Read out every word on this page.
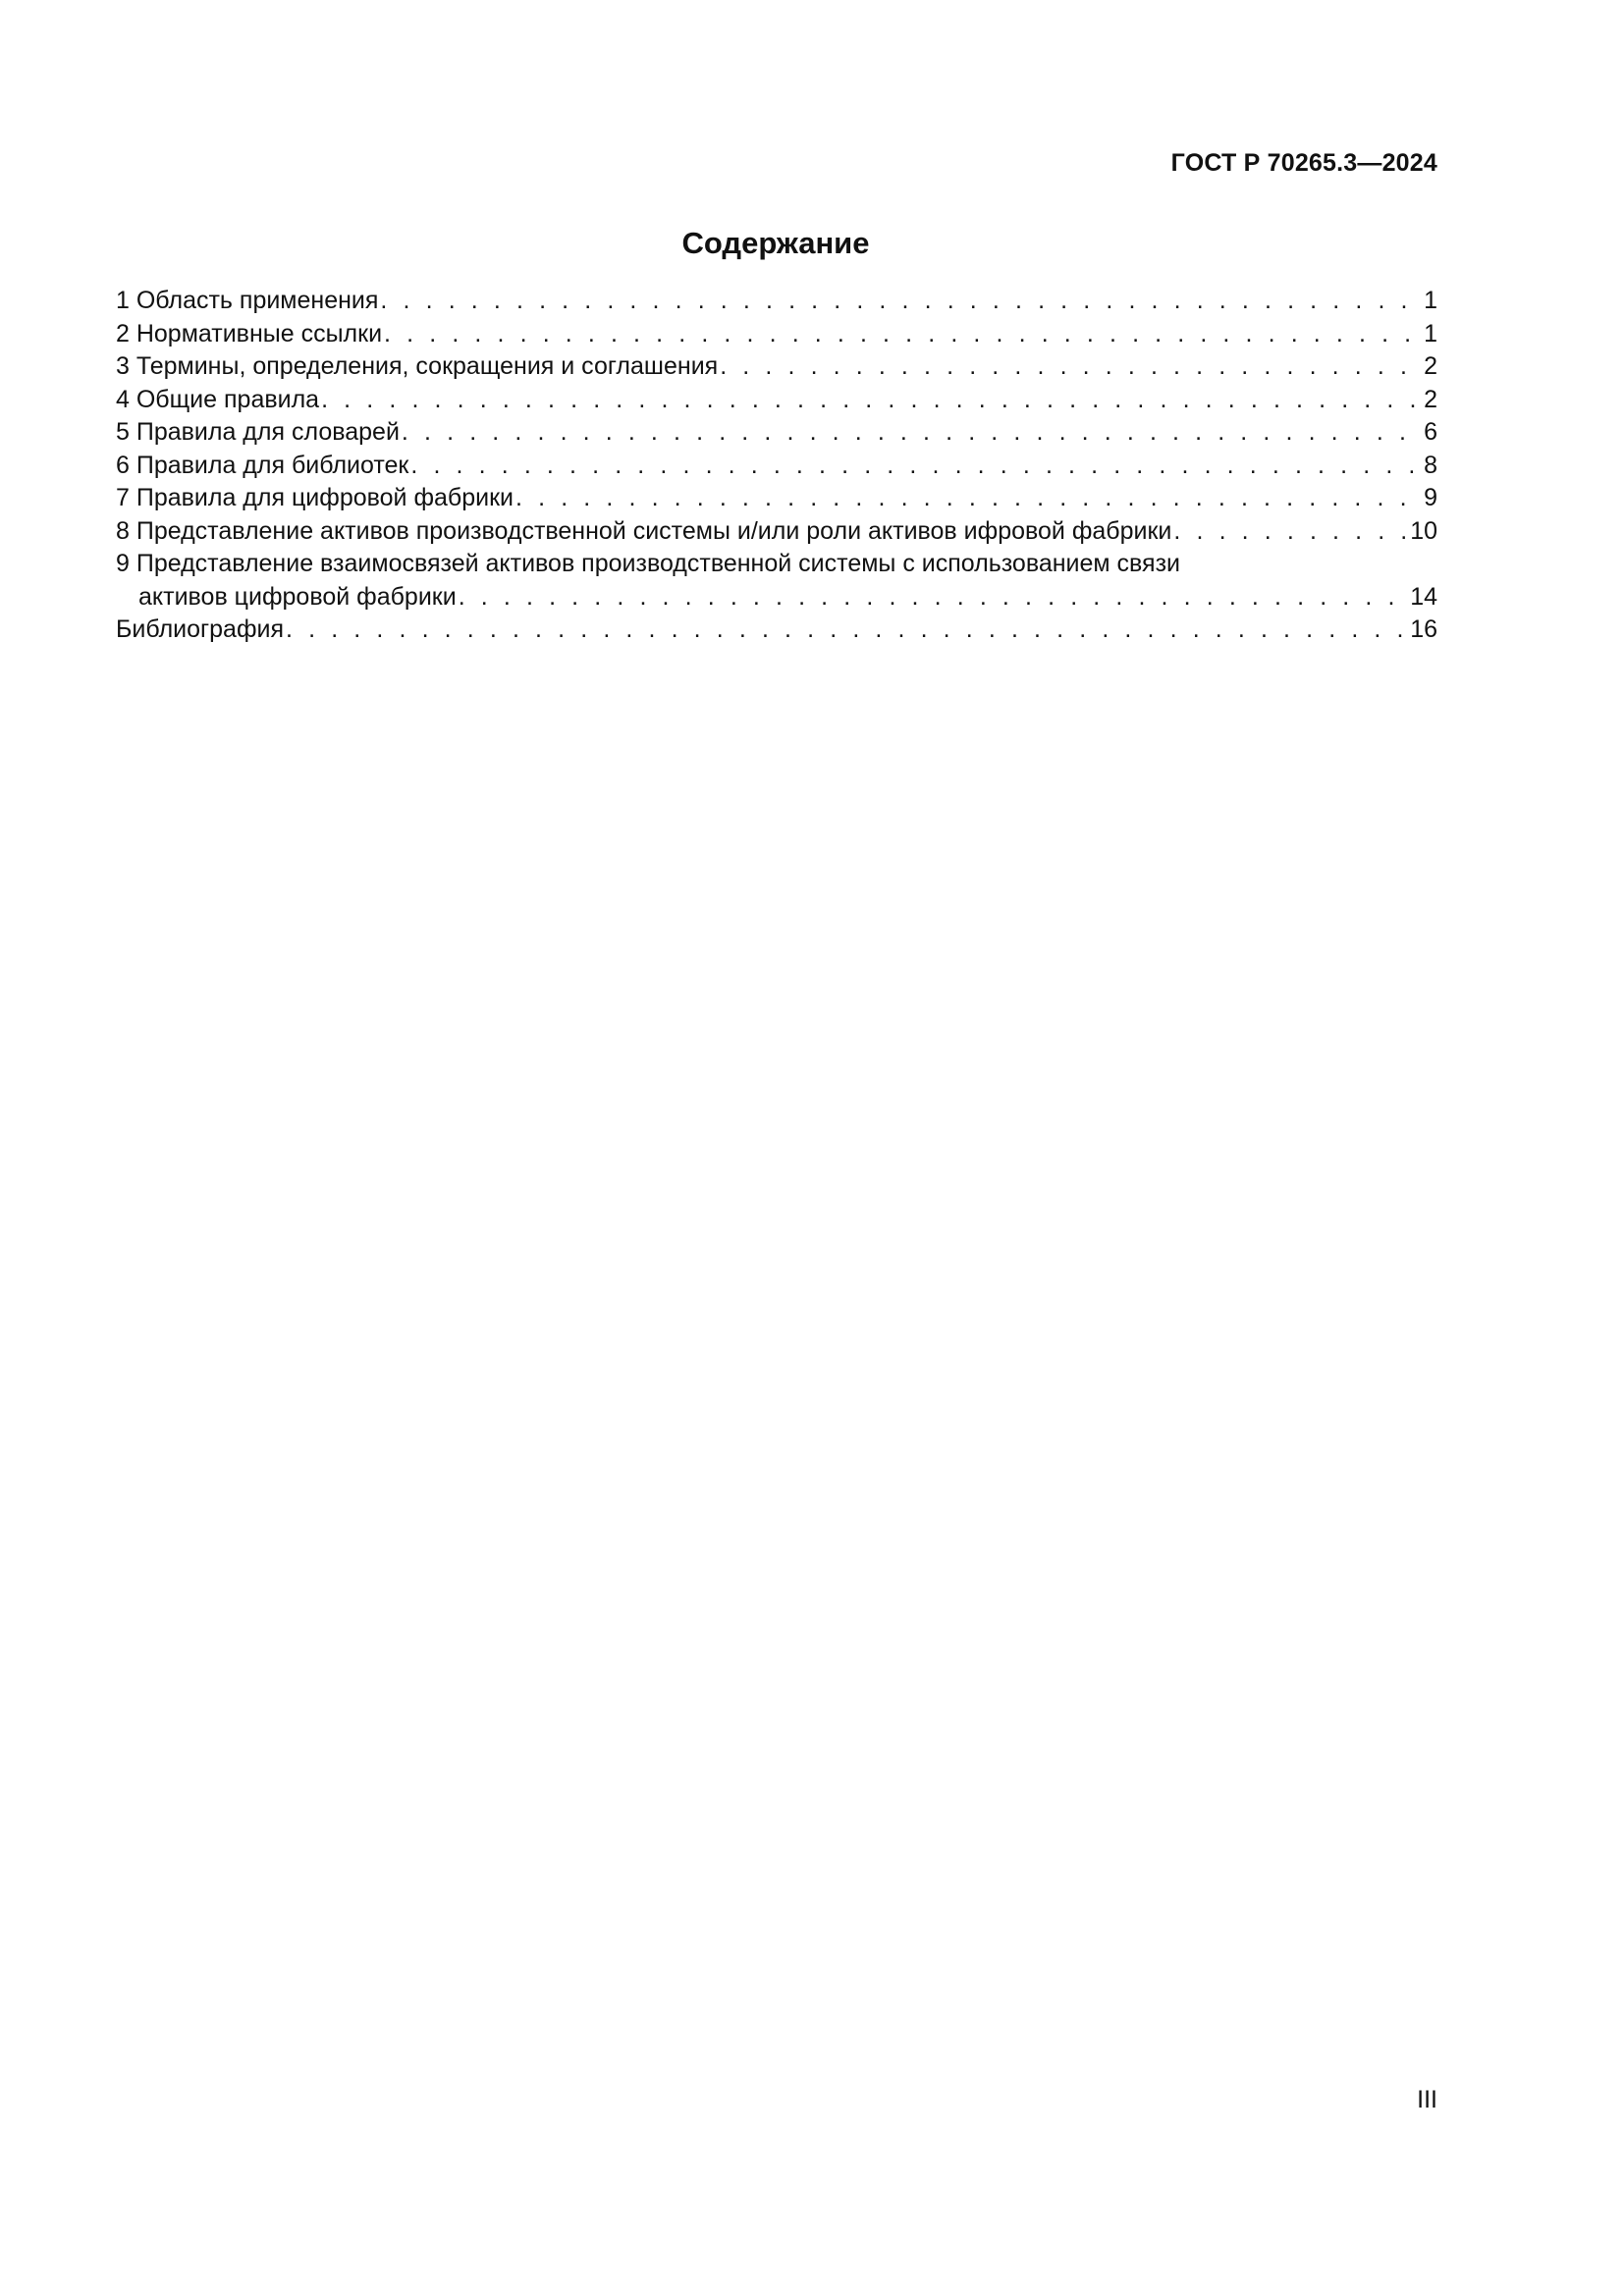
ГОСТ Р 70265.3—2024
Содержание
1 Область применения . . .	1
2 Нормативные ссылки . . .	1
3 Термины, определения, сокращения и соглашения . . .	2
4 Общие правила . . .	2
5 Правила для словарей . . .	6
6 Правила для библиотек . . .	8
7 Правила для цифровой фабрики . . .	9
8 Представление активов производственной системы и/или роли активов ифровой фабрики . . .	10
9 Представление взаимосвязей активов производственной системы с использованием связи
активов цифровой фабрики . . .	14
Библиография . . .	16
III
